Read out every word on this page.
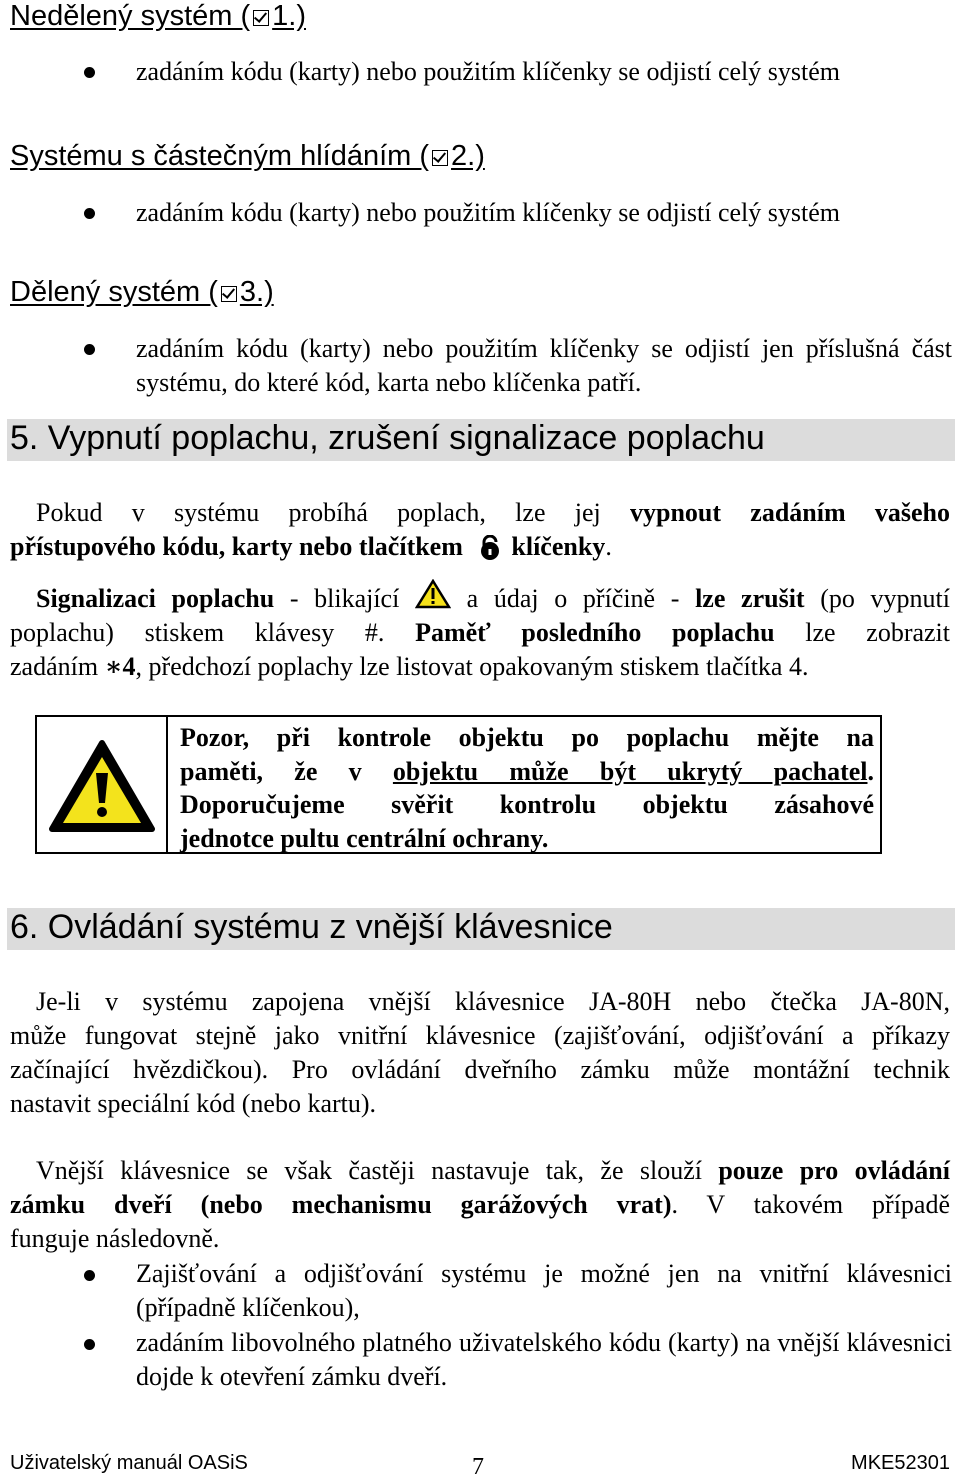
Nedělený systém ( 1.)
zadáním kódu (karty) nebo použitím klíčenky se odjistí celý systém
Systému s částečným hlídáním ( 2.)
zadáním kódu (karty) nebo použitím klíčenky se odjistí celý systém
Dělený systém ( 3.)
zadáním kódu (karty) nebo použitím klíčenky se odjistí jen příslušná část systému, do které kód, karta nebo klíčenka patří.
5. Vypnutí poplachu, zrušení signalizace poplachu
Pokud v systému probíhá poplach, lze jej vypnout zadáním vašeho
přístupového kódu, karty nebo tlačítkem klíčenky.
Signalizaci poplachu - blikající  a údaj o příčině - lze zrušit (po vypnutí
poplachu) stiskem klávesy #. Paměť posledního poplachu lze zobrazit
zadáním ∗4, předchozí poplachy lze listovat opakovaným stiskem tlačítka 4.
Pozor, při kontrole objektu po poplachu mějte na
paměti, že v objektu může být ukrytý pachatel.
Doporučujeme svěřit kontrolu objektu zásahové
jednotce pultu centrální ochrany.
6. Ovládání systému z vnější klávesnice
Je-li v systému zapojena vnější klávesnice JA-80H nebo čtečka JA-80N,
může fungovat stejně jako vnitřní klávesnice (zajišťování, odjišťování a příkazy
začínající hvězdičkou). Pro ovládání dveřního zámku může montážní technik
nastavit speciální kód (nebo kartu).
Vnější klávesnice se však častěji nastavuje tak, že slouží pouze pro ovládání
zámku dveří (nebo mechanismu garážových vrat). V takovém případě
funguje následovně.
Zajišťování a odjišťování systému je možné jen na vnitřní klávesnici (případně klíčenkou),
zadáním libovolného platného uživatelského kódu (karty) na vnější klávesnici dojde k otevření zámku dveří.
Uživatelský manuál OASiS	7	MKE52301
